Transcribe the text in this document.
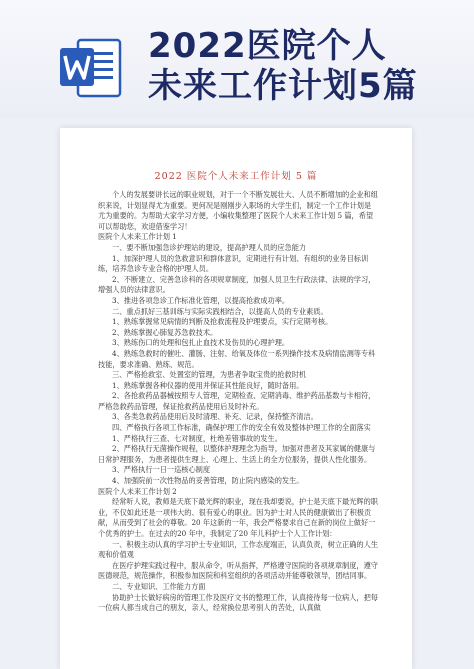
2022医院个人
未来工作计划5篇
2022 医院个人未来工作计划 5 篇

个人的发展要讲长远的职业规划，对于一个不断发展壮大、人员不断增加的企业和组织来说，计划显得尤为重要。更何况是刚刚步入职场的大学生们，制定一个工作计划是尤为重要的。为帮助大家学习方便，小编收集整理了医院个人未来工作计划 5 篇，希望可以帮助您，欢迎借鉴学习！

医院个人未来工作计划 1

一、要不断加强急诊护理站的建设，提高护理人员的应急能力

1、加深护理人员的急救意识和群体意识，定期进行有计划、有组织的业务目标训练，培养急诊专业合格的护理人员。

2、不断建立、完善急诊科的各项规章制度，加强人员卫生行政法律、法规的学习，增强人员的法律意识。

3、推进各项急诊工作标准化管理，以提高抢救成功率。

二、重点抓好三基训练与实际实践相结合，以提高人员的专业素质。

1、熟练掌握常见病情的判断及抢救流程及护理要点，实行定期考核。

2、熟练掌握心肺复苏急救技术。

3、熟练伤口的处理和包扎止血技术及伤员的心理护理。

4、熟练急救时的催吐、灌肠、注射、给氧及体位一系列操作技术及病情监测等专科技能，要求准确、熟练、规范。

三、严格抢救室、处置室的管理，为患者争取宝贵的抢救时机

1、熟练掌握各种仪器的使用并保证其性能良好，随时备用。

2、各抢救药品器械按照专人管理，定期检查、定期消毒、维护药品基数与卡相符，严格急救药品管理，保证抢救药品使用后及时补充。

3、各类急救药品使用后及时清理、补充、记录，保持整齐清洁。

四、严格执行各项工作标准，确保护理工作的安全有效及整体护理工作的全面落实

1、严格执行三查、七对制度，杜绝差错事故的发生。

2、严格执行无菌操作规程，以整体护理理念为指导，加强对患者及其家属的健康与日常护理服务，为患者提供生理上、心理上、生活上的全方位服务，提供人性化服务。

3、严格执行一日一巡核心制度

4、加强院前一次性物品的妥善管理，防止院内感染的发生。

医院个人未来工作计划 2

经常听人说，教师是天底下最光辉的职业，现在我却要说，护士是天底下最光辉的职业，不仅如此还是一项伟大的、很有爱心的职业。因为护士对人民的健康做出了积极贡献，从而受到了社会的尊敬。20 年这新的一年，我会严格要求自己在新的岗位上做好一个优秀的护士。在过去的20 年中，我制定了20 年儿科护士个人工作计划：

一、积极主动认真的学习护士专业知识，工作态度端正，认真负责，树立正确的人生观和价值观

在医疗护理实践过程中，服从命令，听从指挥，严格遵守医院的各项规章制度，遵守医德规范，规范操作，积极参加医院和科室组织的各项活动并能尊敬领导，团结同事。

二、专业知识、工作能力方面

协助护士长做好病房的管理工作及医疗文书的整理工作，认真接待每一位病人，把每一位病人都当成自己的朋友，亲人，经常换位思考别人的苦处，认真做
